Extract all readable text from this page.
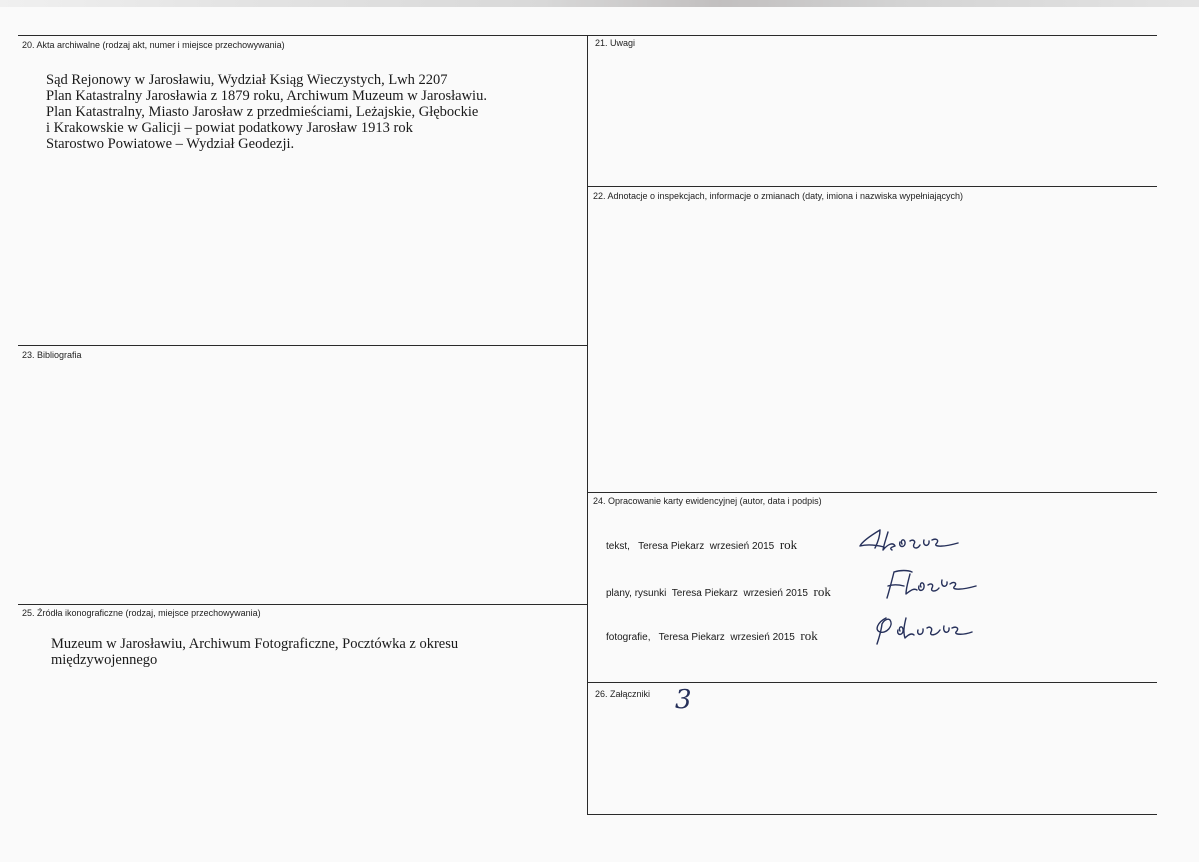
20. Akta archiwalne (rodzaj akt, numer i miejsce przechowywania)
Sąd Rejonowy w Jarosławiu, Wydział Ksiąg Wieczystych, Lwh 2207
Plan Katastralny Jarosławia z 1879 roku, Archiwum Muzeum w Jarosławiu.
Plan Katastralny, Miasto Jarosław z przedmieściami, Leżajskie, Głębockie
i Krakowskie w Galicji – powiat podatkowy Jarosław 1913 rok
Starostwo Powiatowe – Wydział Geodezji.
21. Uwagi
22. Adnotacje o inspekcjach, informacje o zmianach (daty, imiona i nazwiska wypełniających)
23. Bibliografia
24. Opracowanie karty ewidencyjnej (autor, data i podpis)
tekst, Teresa Piekarz wrzesień 2015 rok
plany, rysunki Teresa Piekarz wrzesień 2015 rok
fotografie, Teresa Piekarz wrzesień 2015 rok
25. Źródła ikonograficzne (rodzaj, miejsce przechowywania)
Muzeum w Jarosławiu, Archiwum Fotograficzne, Pocztówka z okresu
międzywojennego
26. Załączniki 3
